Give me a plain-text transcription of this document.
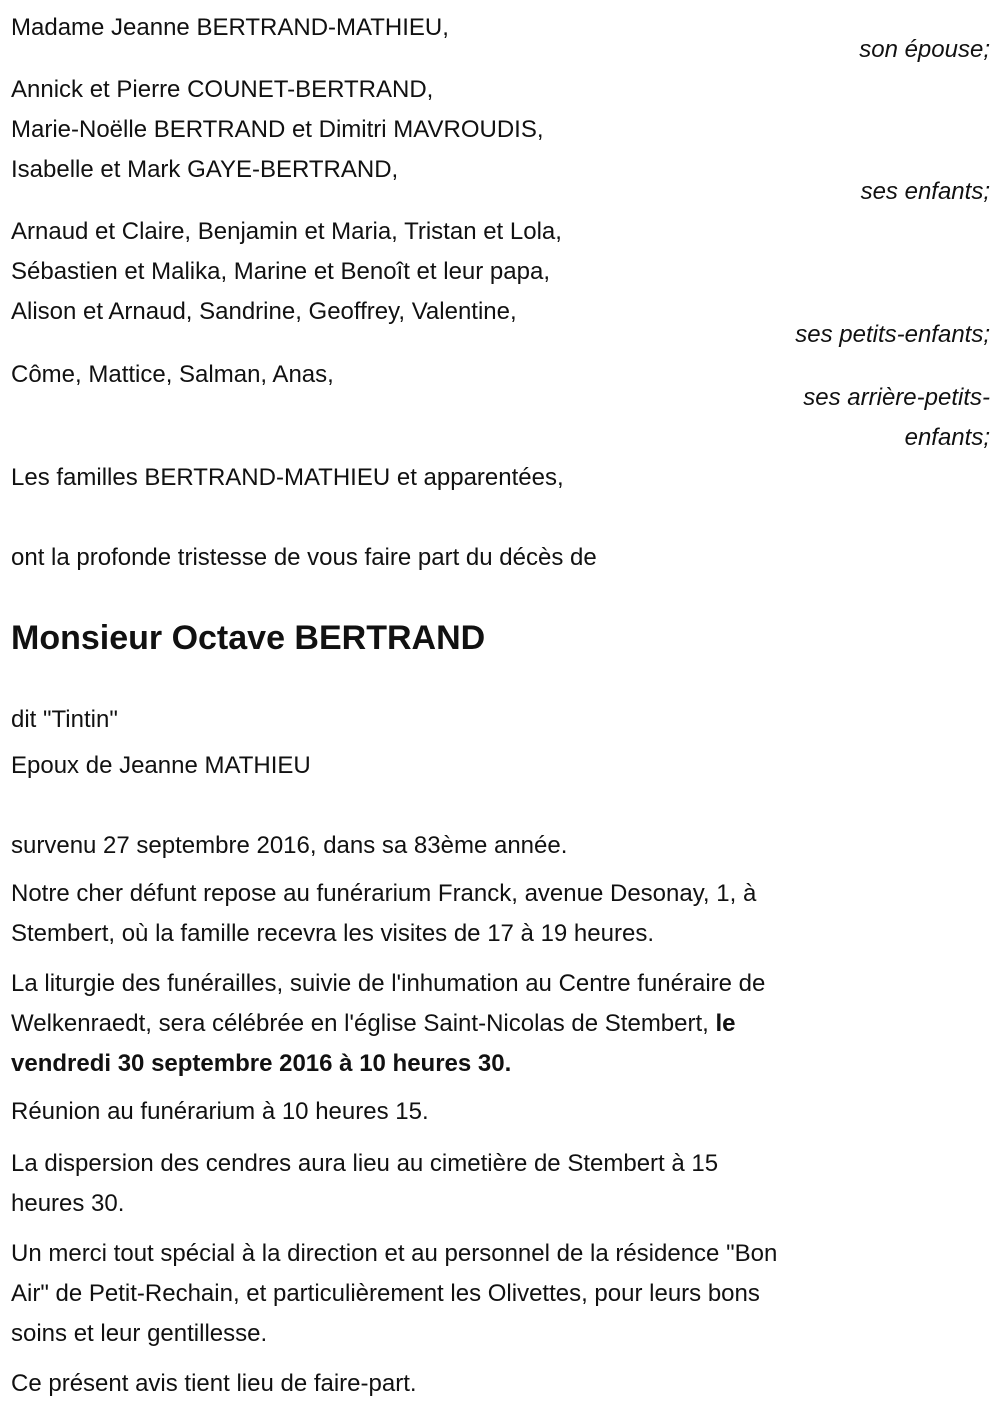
Madame Jeanne BERTRAND-MATHIEU,
son épouse;
Annick et Pierre COUNET-BERTRAND,
Marie-Noëlle BERTRAND et Dimitri MAVROUDIS,
Isabelle et Mark GAYE-BERTRAND,
ses enfants;
Arnaud et Claire, Benjamin et Maria, Tristan et Lola,
Sébastien et Malika, Marine et Benoît et leur papa,
Alison et Arnaud, Sandrine, Geoffrey, Valentine,
ses petits-enfants;
Côme, Mattice, Salman, Anas,
ses arrière-petits-
enfants;
Les familles BERTRAND-MATHIEU et apparentées,
ont la profonde tristesse de vous faire part du décès de
Monsieur Octave BERTRAND
dit "Tintin"
Epoux de Jeanne MATHIEU
survenu 27 septembre 2016, dans sa 83ème année.
Notre cher défunt repose au funérarium Franck, avenue Desonay, 1, à
Stembert, où la famille recevra les visites de 17 à 19 heures.
La liturgie des funérailles, suivie de l'inhumation au Centre funéraire de
Welkenraedt, sera célébrée en l'église Saint-Nicolas de Stembert, le
vendredi 30 septembre 2016 à 10 heures 30.
Réunion au funérarium à 10 heures 15.
La dispersion des cendres aura lieu au cimetière de Stembert à 15
heures 30.
Un merci tout spécial à la direction et au personnel de la résidence "Bon
Air" de Petit-Rechain, et particulièrement les Olivettes, pour leurs bons
soins et leur gentillesse.
Ce présent avis tient lieu de faire-part.
